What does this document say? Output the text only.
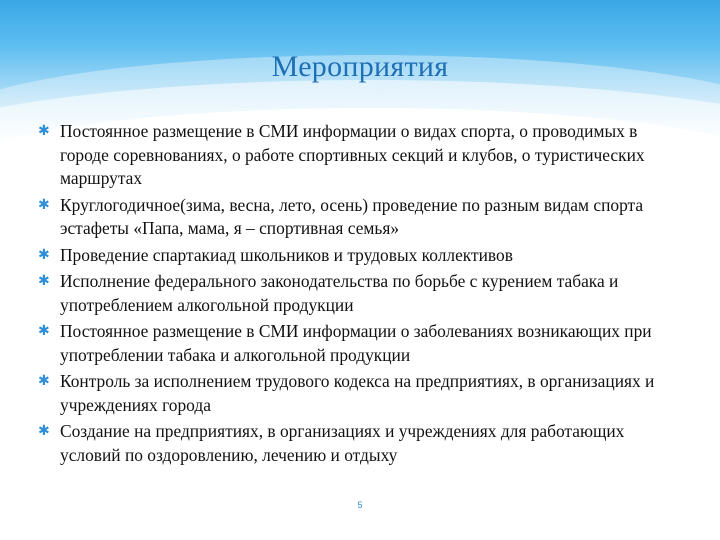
Мероприятия
✱ Постоянное размещение в СМИ информации о видах спорта, о проводимых в городе соревнованиях, о работе спортивных секций и клубов, о туристических маршрутах
✱ Круглогодичное(зима, весна, лето, осень) проведение по разным видам спорта эстафеты «Папа, мама, я – спортивная семья»
✱ Проведение спартакиад школьников и трудовых коллективов
✱ Исполнение федерального законодательства по борьбе с курением табака и употреблением алкогольной продукции
✱ Постоянное размещение в СМИ информации о заболеваниях возникающих при употреблении табака и алкогольной продукции
✱ Контроль за исполнением трудового кодекса на предприятиях, в организациях и учреждениях города
✱ Создание на предприятиях, в организациях и учреждениях для работающих условий по оздоровлению, лечению и отдыху
5
